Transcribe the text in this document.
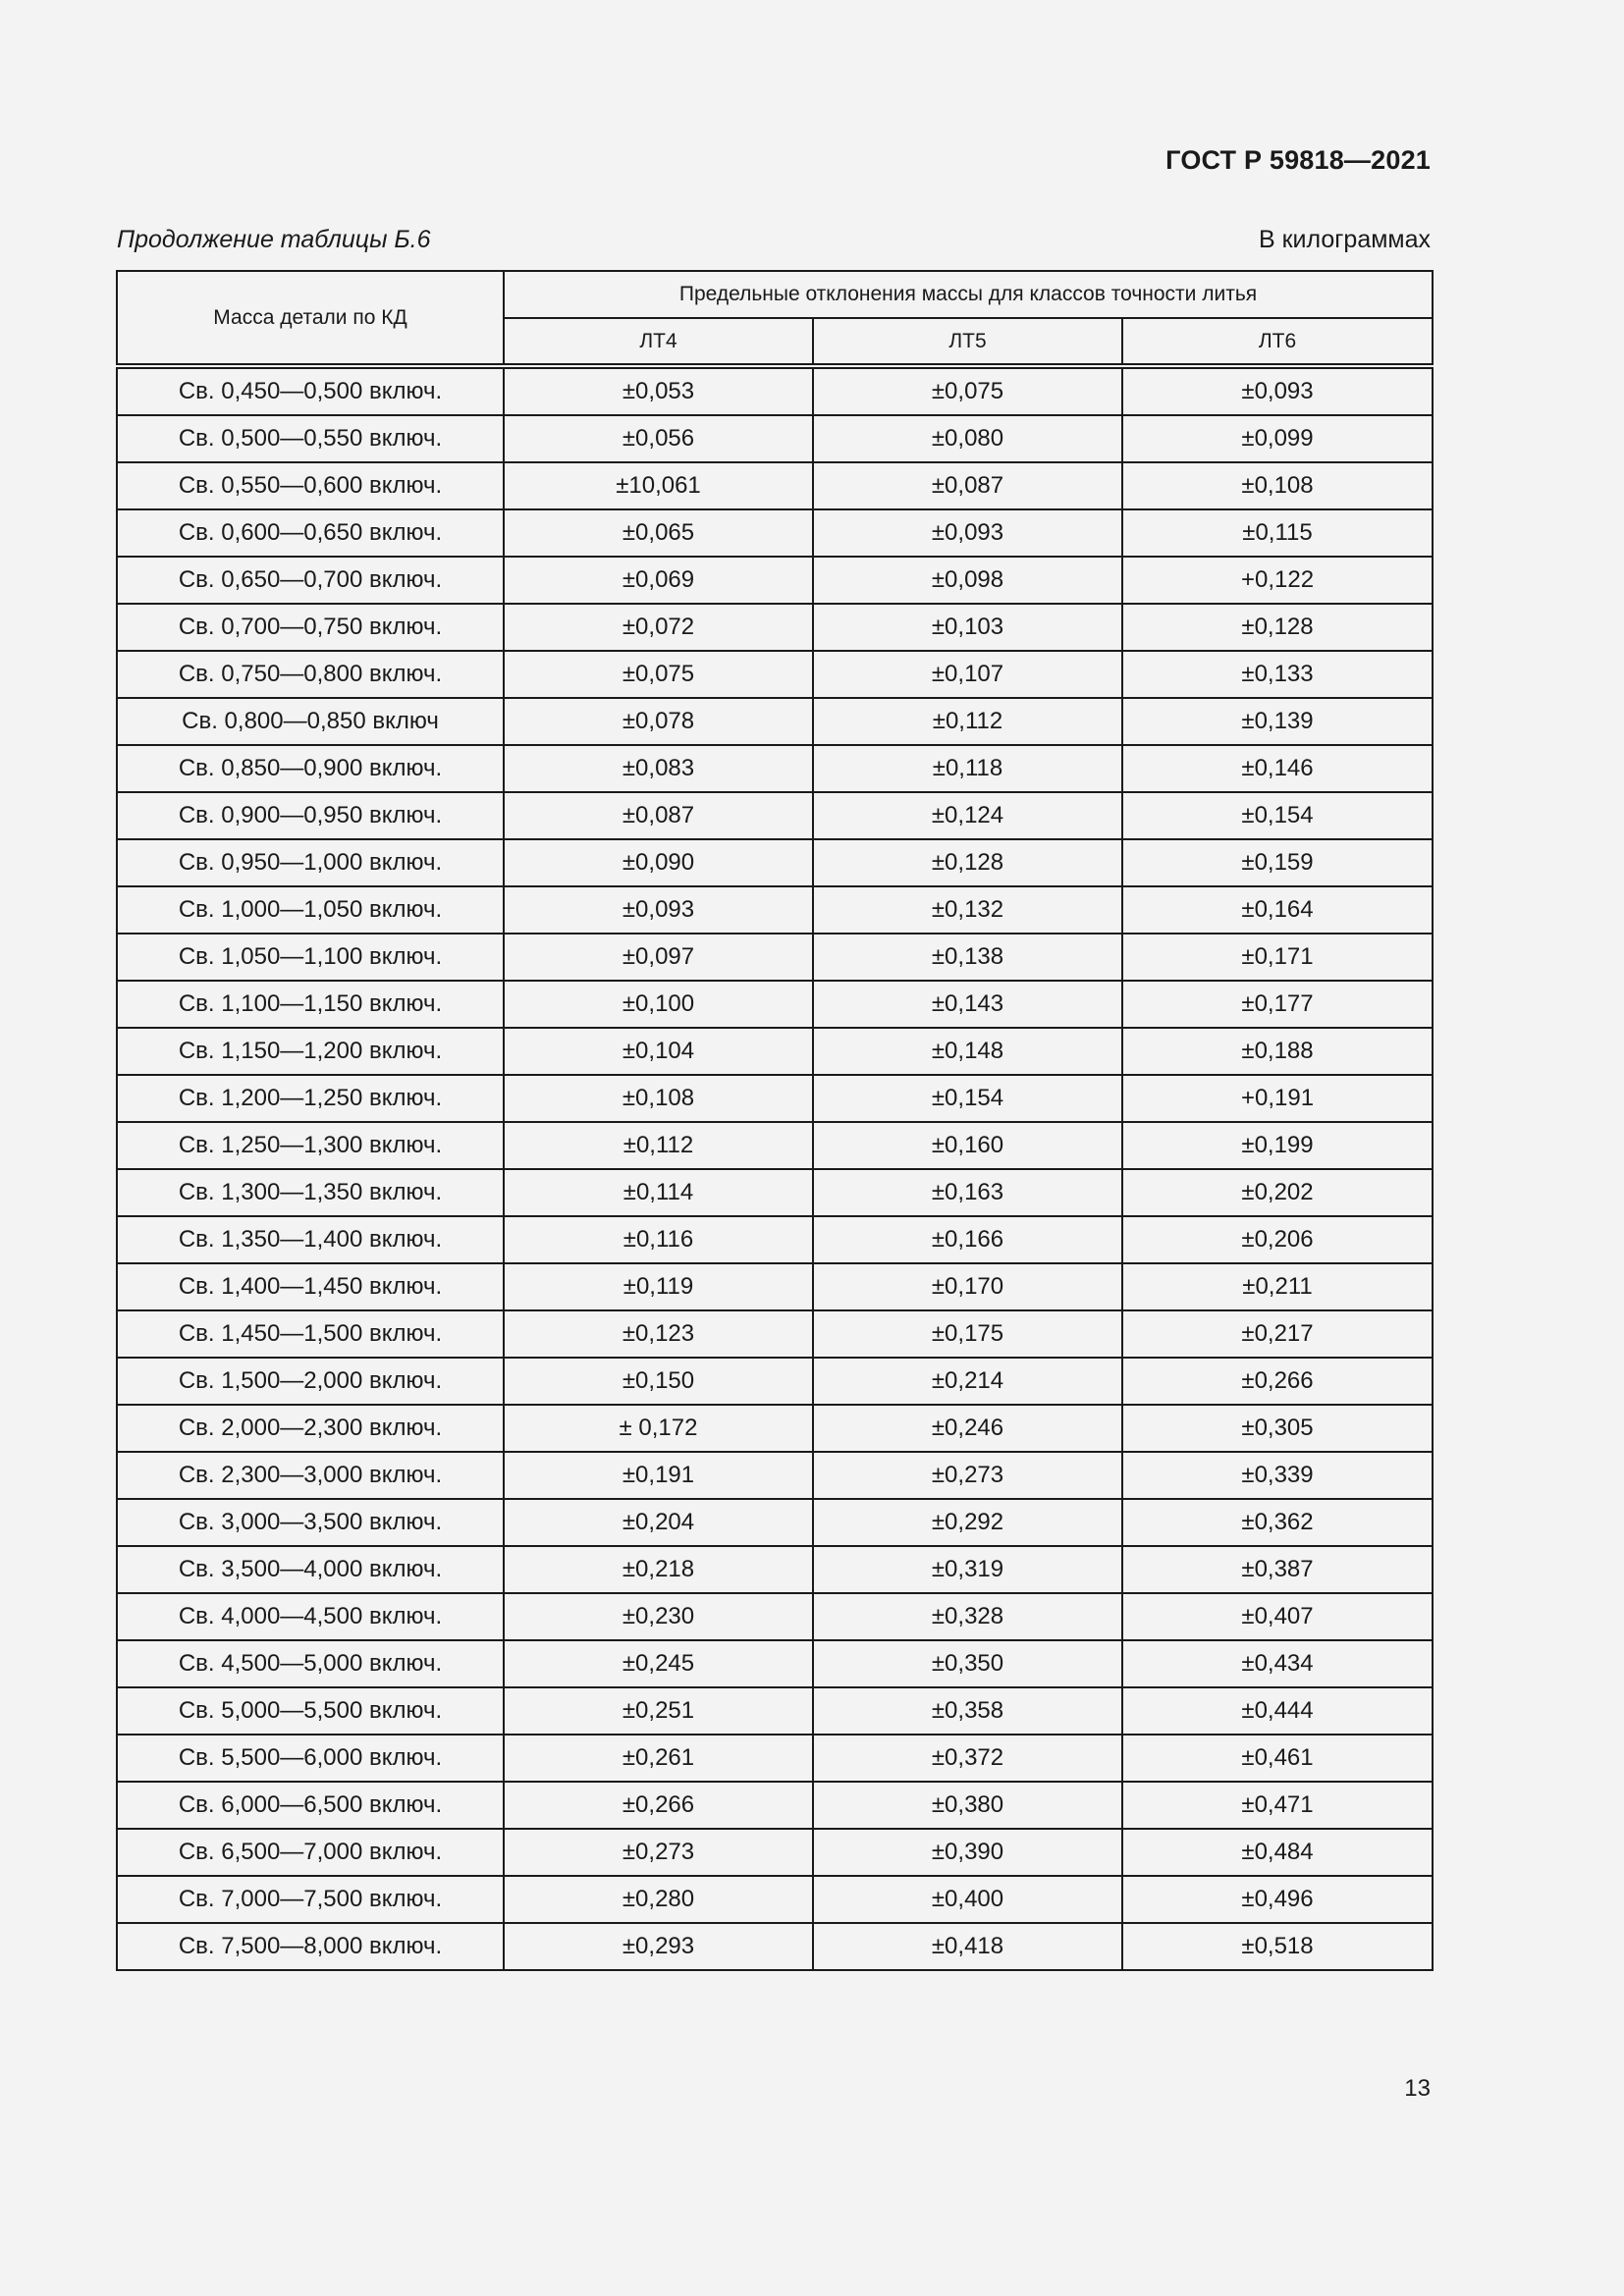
ГОСТ Р 59818—2021
Продолжение таблицы Б.6	В килограммах
Масса детали по КД	Предельные отклонения массы для классов точности литья		
	ЛТ4	ЛТ5	ЛТ6
Св. 0,450—0,500 включ.	±0,053	±0,075	±0,093
Св. 0,500—0,550 включ.	±0,056	±0,080	±0,099
Св. 0,550—0,600 включ.	±10,061	±0,087	±0,108
Св. 0,600—0,650 включ.	±0,065	±0,093	±0,115
Св. 0,650—0,700 включ.	±0,069	±0,098	+0,122
Св. 0,700—0,750 включ.	±0,072	±0,103	±0,128
Св. 0,750—0,800 включ.	±0,075	±0,107	±0,133
Св. 0,800—0,850 включ	±0,078	±0,112	±0,139
Св. 0,850—0,900 включ.	±0,083	±0,118	±0,146
Св. 0,900—0,950 включ.	±0,087	±0,124	±0,154
Св. 0,950—1,000 включ.	±0,090	±0,128	±0,159
Св. 1,000—1,050 включ.	±0,093	±0,132	±0,164
Св. 1,050—1,100 включ.	±0,097	±0,138	±0,171
Св. 1,100—1,150 включ.	±0,100	±0,143	±0,177
Св. 1,150—1,200 включ.	±0,104	±0,148	±0,188
Св. 1,200—1,250 включ.	±0,108	±0,154	+0,191
Св. 1,250—1,300 включ.	±0,112	±0,160	±0,199
Св. 1,300—1,350 включ.	±0,114	±0,163	±0,202
Св. 1,350—1,400 включ.	±0,116	±0,166	±0,206
Св. 1,400—1,450 включ.	±0,119	±0,170	±0,211
Св. 1,450—1,500 включ.	±0,123	±0,175	±0,217
Св. 1,500—2,000 включ.	±0,150	±0,214	±0,266
Св. 2,000—2,300 включ.	± 0,172	±0,246	±0,305
Св. 2,300—3,000 включ.	±0,191	±0,273	±0,339
Св. 3,000—3,500 включ.	±0,204	±0,292	±0,362
Св. 3,500—4,000 включ.	±0,218	±0,319	±0,387
Св. 4,000—4,500 включ.	±0,230	±0,328	±0,407
Св. 4,500—5,000 включ.	±0,245	±0,350	±0,434
Св. 5,000—5,500 включ.	±0,251	±0,358	±0,444
Св. 5,500—6,000 включ.	±0,261	±0,372	±0,461
Св. 6,000—6,500 включ.	±0,266	±0,380	±0,471
Св. 6,500—7,000 включ.	±0,273	±0,390	±0,484
Св. 7,000—7,500 включ.	±0,280	±0,400	±0,496
Св. 7,500—8,000 включ.	±0,293	±0,418	±0,518
13
